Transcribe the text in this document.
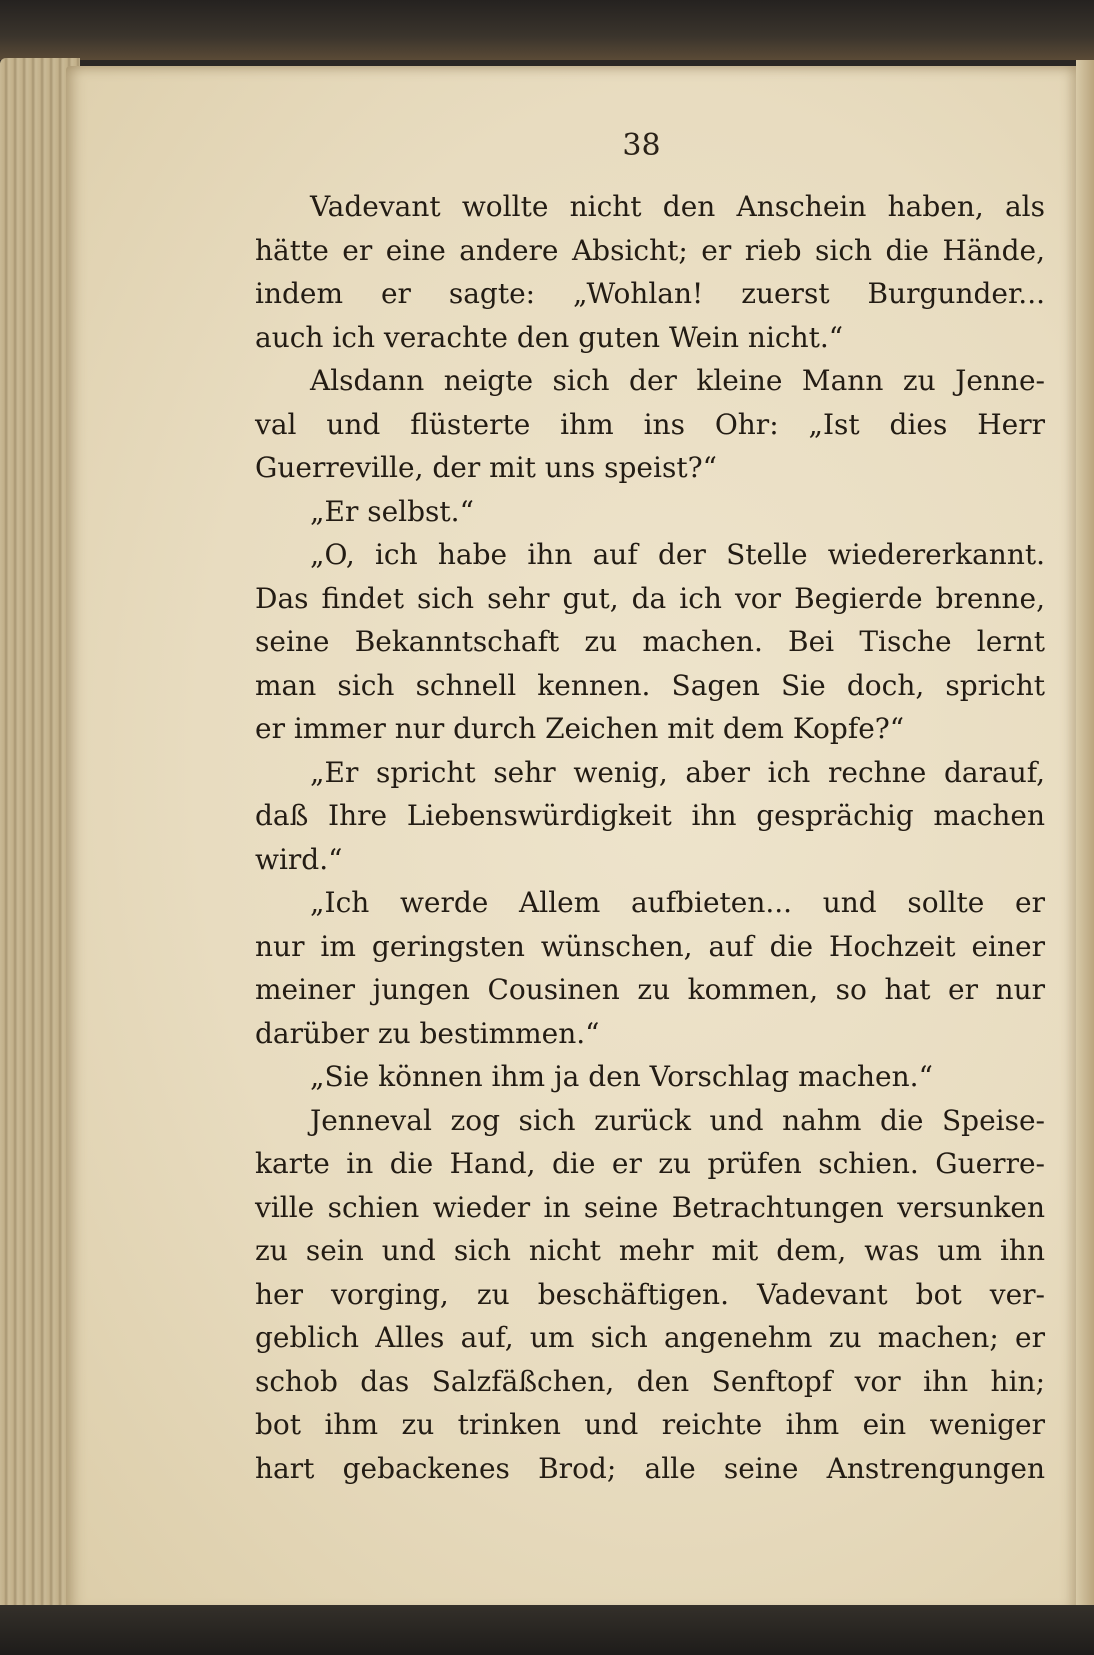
38
Vadevant wollte nicht den Anschein haben, als
hätte er eine andere Absicht; er rieb sich die Hände,
indem er sagte: „Wohlan! zuerst Burgunder...
auch ich verachte den guten Wein nicht.“
Alsdann neigte sich der kleine Mann zu Jenne-
val und flüsterte ihm ins Ohr: „Ist dies Herr
Guerreville, der mit uns speist?“
„Er selbst.“
„O, ich habe ihn auf der Stelle wiedererkannt.
Das findet sich sehr gut, da ich vor Begierde brenne,
seine Bekanntschaft zu machen. Bei Tische lernt
man sich schnell kennen. Sagen Sie doch, spricht
er immer nur durch Zeichen mit dem Kopfe?“
„Er spricht sehr wenig, aber ich rechne darauf,
daß Ihre Liebenswürdigkeit ihn gesprächig machen
wird.“
„Ich werde Allem aufbieten... und sollte er
nur im geringsten wünschen, auf die Hochzeit einer
meiner jungen Cousinen zu kommen, so hat er nur
darüber zu bestimmen.“
„Sie können ihm ja den Vorschlag machen.“
Jenneval zog sich zurück und nahm die Speise-
karte in die Hand, die er zu prüfen schien. Guerre-
ville schien wieder in seine Betrachtungen versunken
zu sein und sich nicht mehr mit dem, was um ihn
her vorging, zu beschäftigen. Vadevant bot ver-
geblich Alles auf, um sich angenehm zu machen; er
schob das Salzfäßchen, den Senftopf vor ihn hin;
bot ihm zu trinken und reichte ihm ein weniger
hart gebackenes Brod; alle seine Anstrengungen
